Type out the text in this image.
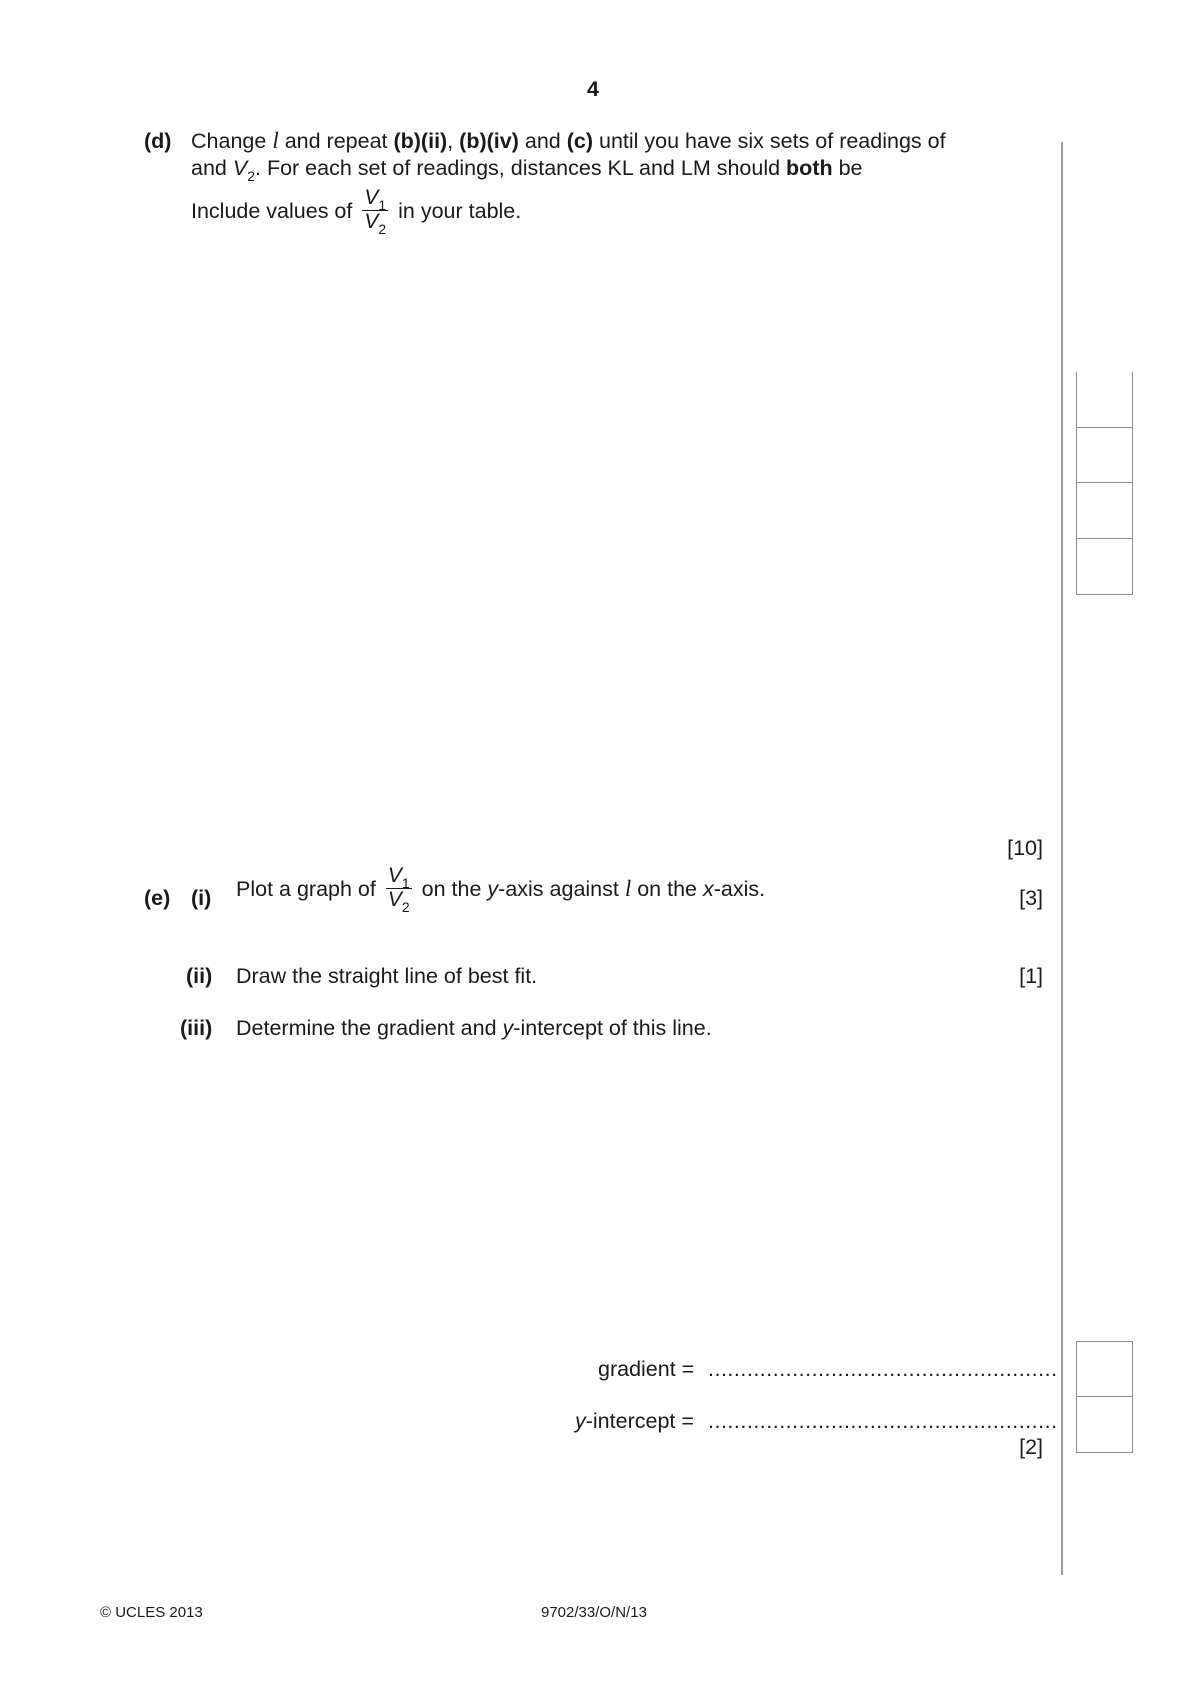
4
(d) Change l and repeat (b)(ii), (b)(iv) and (c) until you have six sets of readings of
and $V_2$. For each set of readings, distances KL and LM should both be
Include values of $\frac{V_1}{V_2}$ in your table.
[10]
(e) (i) Plot a graph of $\frac{V_1}{V_2}$ on the y-axis against l on the x-axis.	[3]
(ii) Draw the straight line of best fit.	[1]
(iii) Determine the gradient and y-intercept of this line.
gradient = ......................................................
y-intercept = ......................................................
[2]
© UCLES 2013	9702/33/O/N/13
